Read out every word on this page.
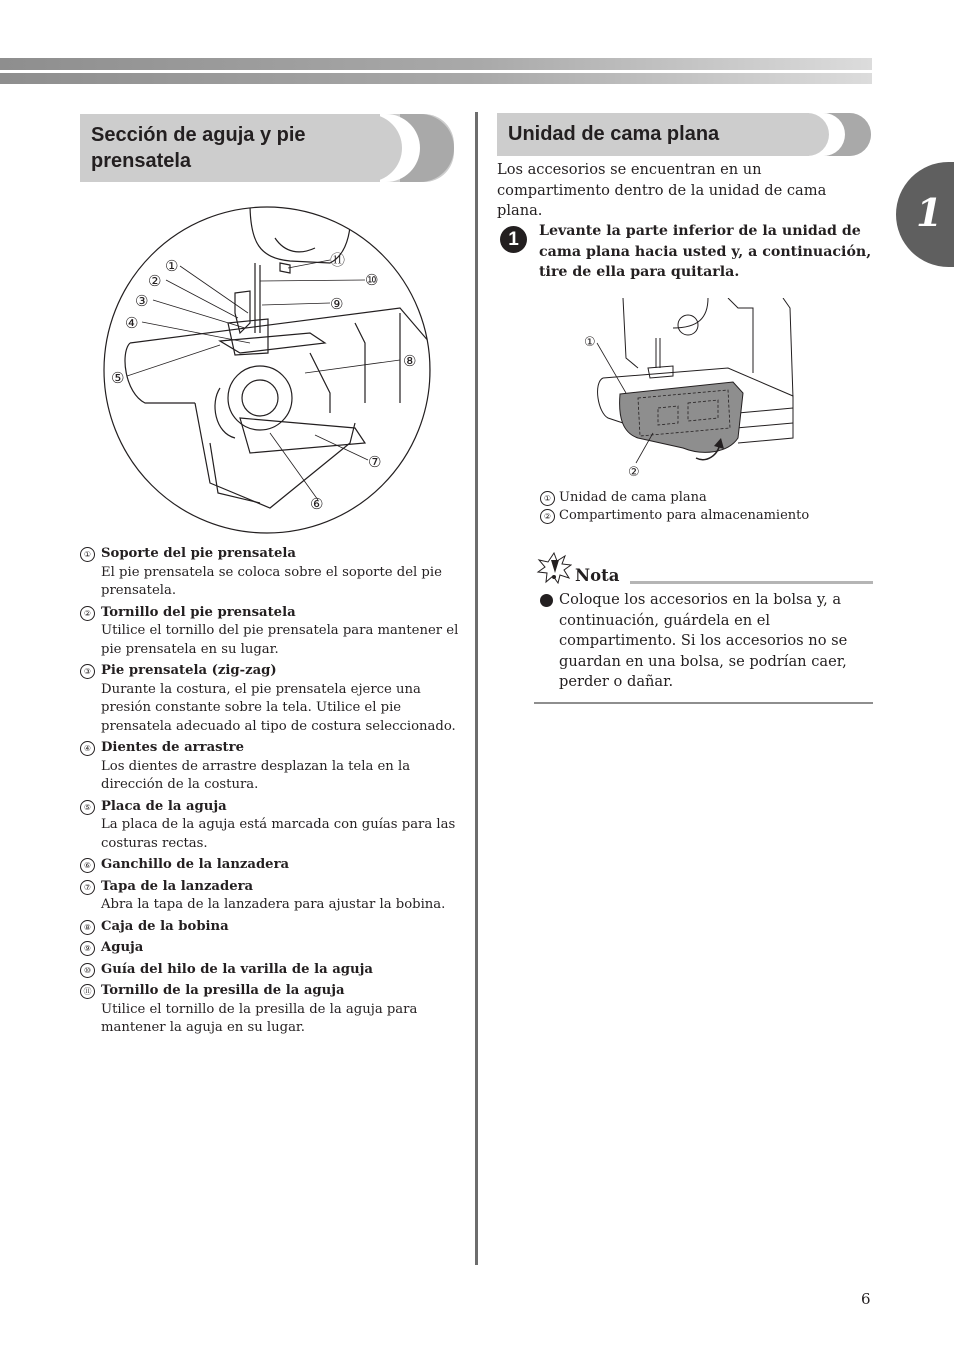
1
Sección de aguja y pie
prensatela
①
②
③
④
⑤
⑥
⑦
⑧
⑨
⑩
⑪
① Soporte del pie prensatela
El pie prensatela se coloca sobre el soporte del pie prensatela.
② Tornillo del pie prensatela
Utilice el tornillo del pie prensatela para mantener el pie prensatela en su lugar.
③ Pie prensatela (zig-zag)
Durante la costura, el pie prensatela ejerce una presión constante sobre la tela. Utilice el pie prensatela adecuado al tipo de costura seleccionado.
④ Dientes de arrastre
Los dientes de arrastre desplazan la tela en la dirección de la costura.
⑤ Placa de la aguja
La placa de la aguja está marcada con guías para las costuras rectas.
⑥ Ganchillo de la lanzadera
⑦ Tapa de la lanzadera
Abra la tapa de la lanzadera para ajustar la bobina.
⑧ Caja de la bobina
⑨ Aguja
⑩ Guía del hilo de la varilla de la aguja
⑪ Tornillo de la presilla de la aguja
Utilice el tornillo de la presilla de la aguja para mantener la aguja en su lugar.
Unidad de cama plana
Los accesorios se encuentran en un compartimento dentro de la unidad de cama plana.
1	Levante la parte inferior de la unidad de cama plana hacia usted y, a continuación, tire de ella para quitarla.
①
②
① Unidad de cama plana
② Compartimento para almacenamiento
Nota
Coloque los accesorios en la bolsa y, a continuación, guárdela en el compartimento. Si los accesorios no se guardan en una bolsa, se podrían caer, perder o dañar.
6
